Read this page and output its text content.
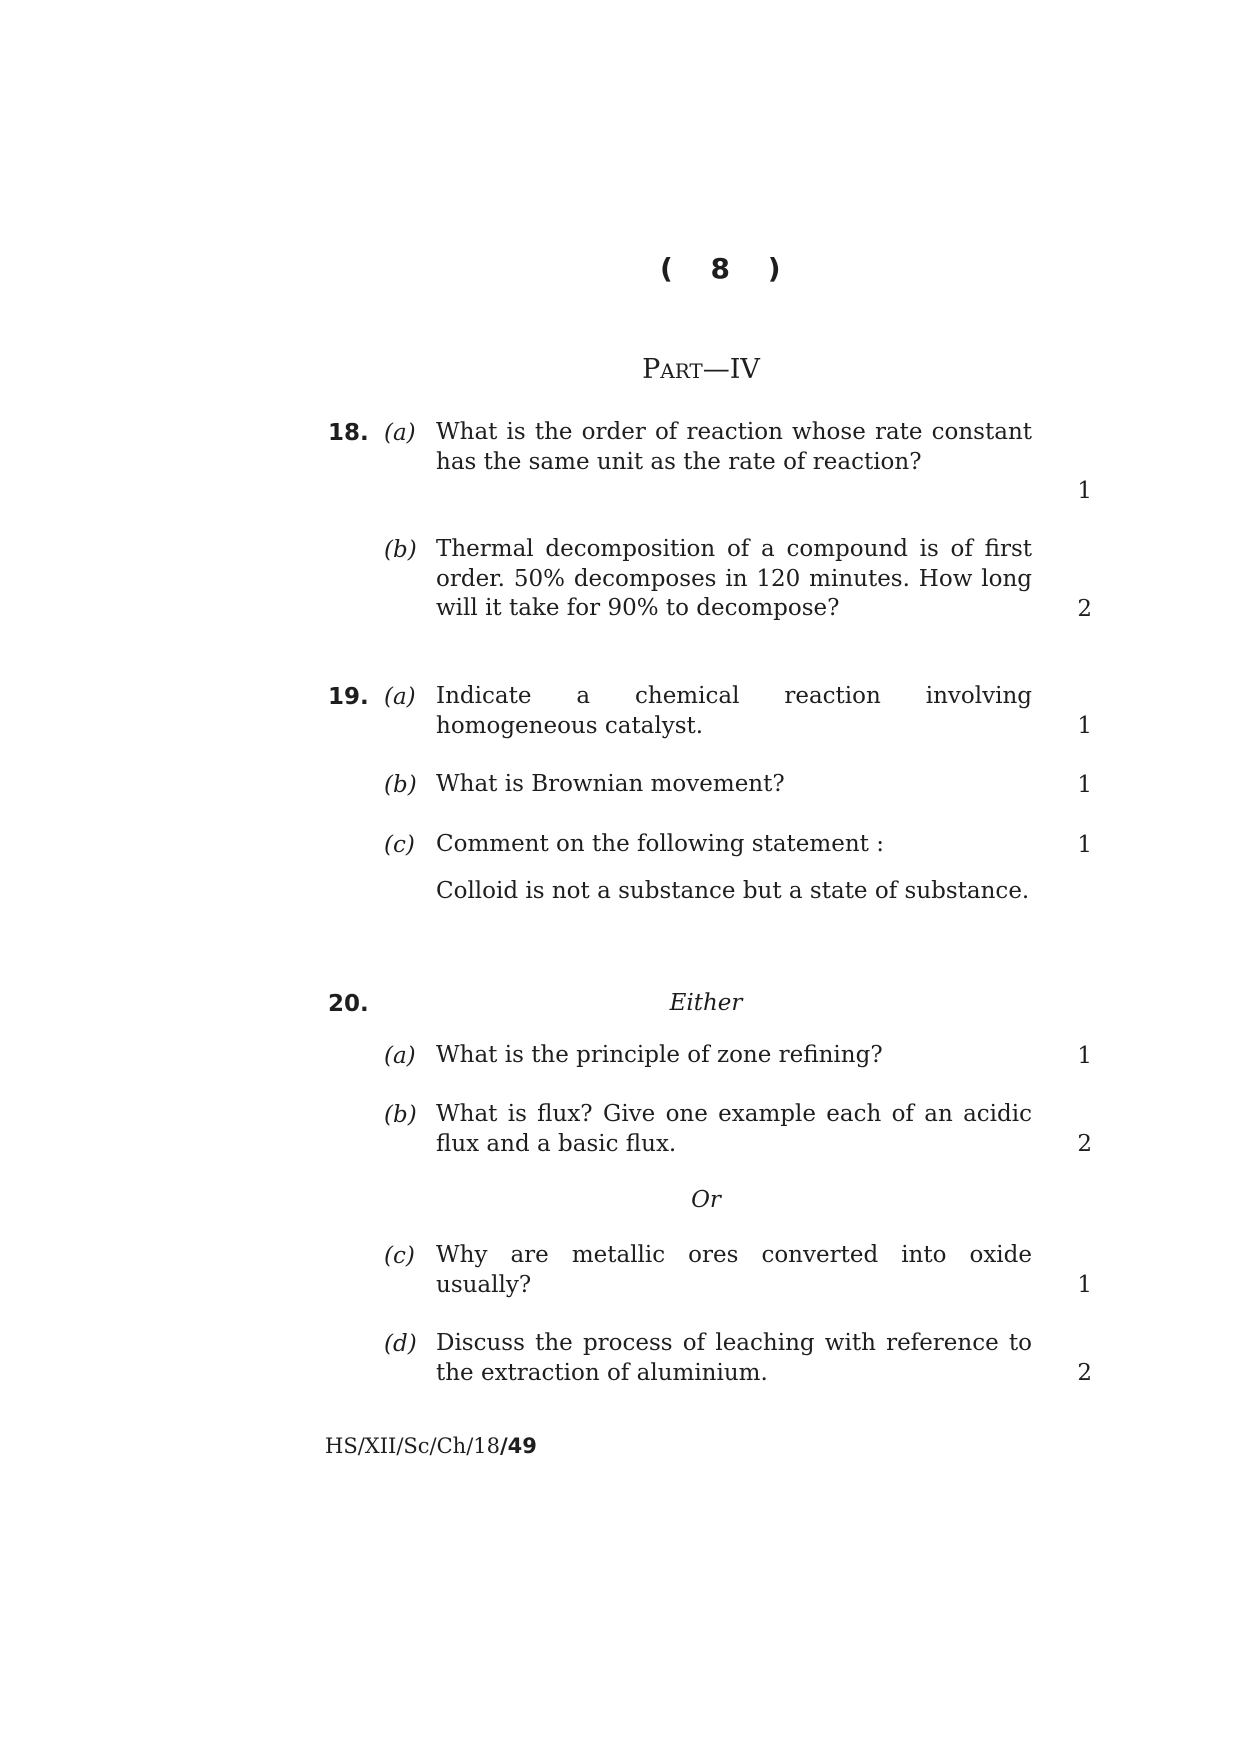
( 8 )
PART—IV
18. (a) What is the order of reaction whose rate constant has the same unit as the rate of reaction?
1
(b) Thermal decomposition of a compound is of first order. 50% decomposes in 120 minutes. How long will it take for 90% to decompose?	2
19. (a) Indicate a chemical reaction involving homogeneous catalyst.	1
(b) What is Brownian movement?	1
(c) Comment on the following statement :	1
Colloid is not a substance but a state of substance.
20.	Either
(a) What is the principle of zone refining?	1
(b) What is flux? Give one example each of an acidic flux and a basic flux.	2
Or
(c) Why are metallic ores converted into oxide usually?	1
(d) Discuss the process of leaching with reference to the extraction of aluminium.	2
HS/XII/Sc/Ch/18/49
